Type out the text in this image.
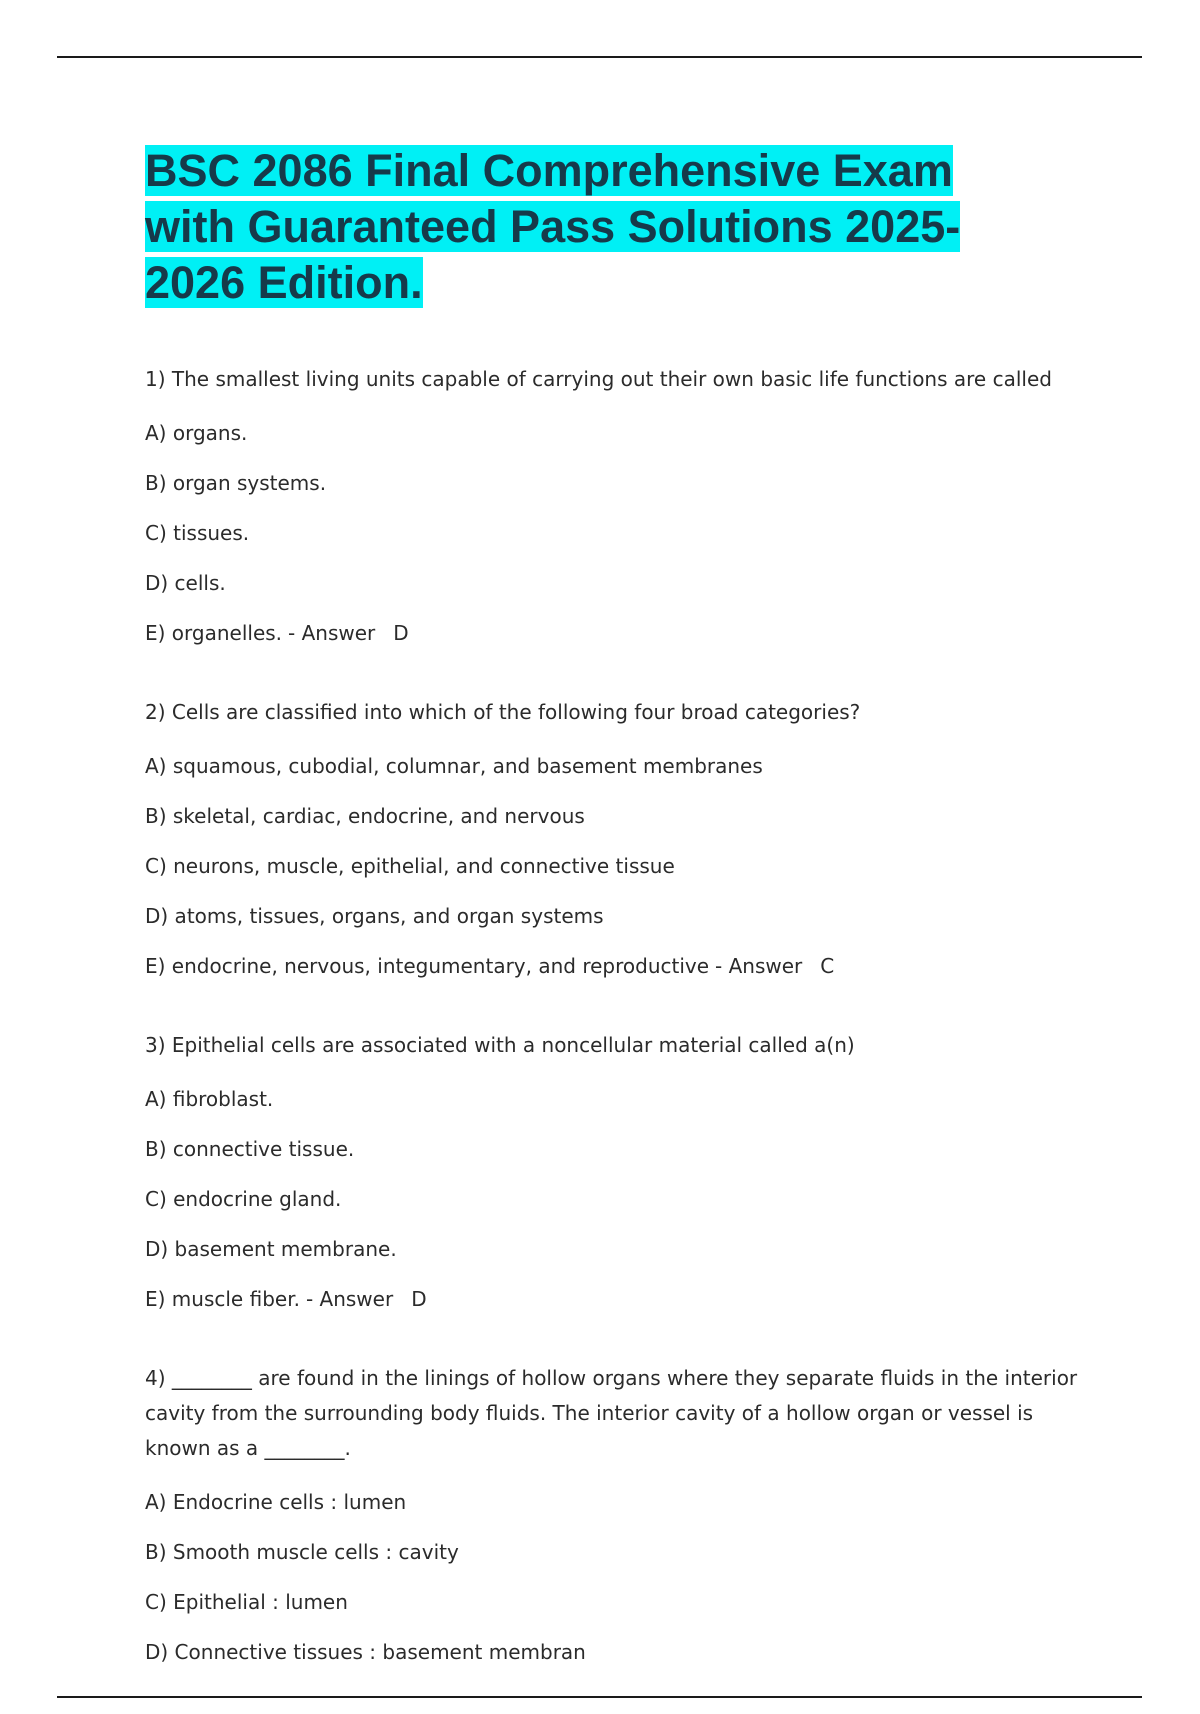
BSC 2086 Final Comprehensive Exam with Guaranteed Pass Solutions 2025-2026 Edition.

1) The smallest living units capable of carrying out their own basic life functions are called

A) organs.

B) organ systems.

C) tissues.

D) cells.

E) organelles. - Answer D

2) Cells are classified into which of the following four broad categories?

A) squamous, cubodial, columnar, and basement membranes

B) skeletal, cardiac, endocrine, and nervous

C) neurons, muscle, epithelial, and connective tissue

D) atoms, tissues, organs, and organ systems

E) endocrine, nervous, integumentary, and reproductive - Answer C

3) Epithelial cells are associated with a noncellular material called a(n)

A) fibroblast.

B) connective tissue.

C) endocrine gland.

D) basement membrane.

E) muscle fiber. - Answer D

4) ________ are found in the linings of hollow organs where they separate fluids in the interior cavity from the surrounding body fluids. The interior cavity of a hollow organ or vessel is known as a ________.

A) Endocrine cells : lumen

B) Smooth muscle cells : cavity

C) Epithelial : lumen

D) Connective tissues : basement membran
